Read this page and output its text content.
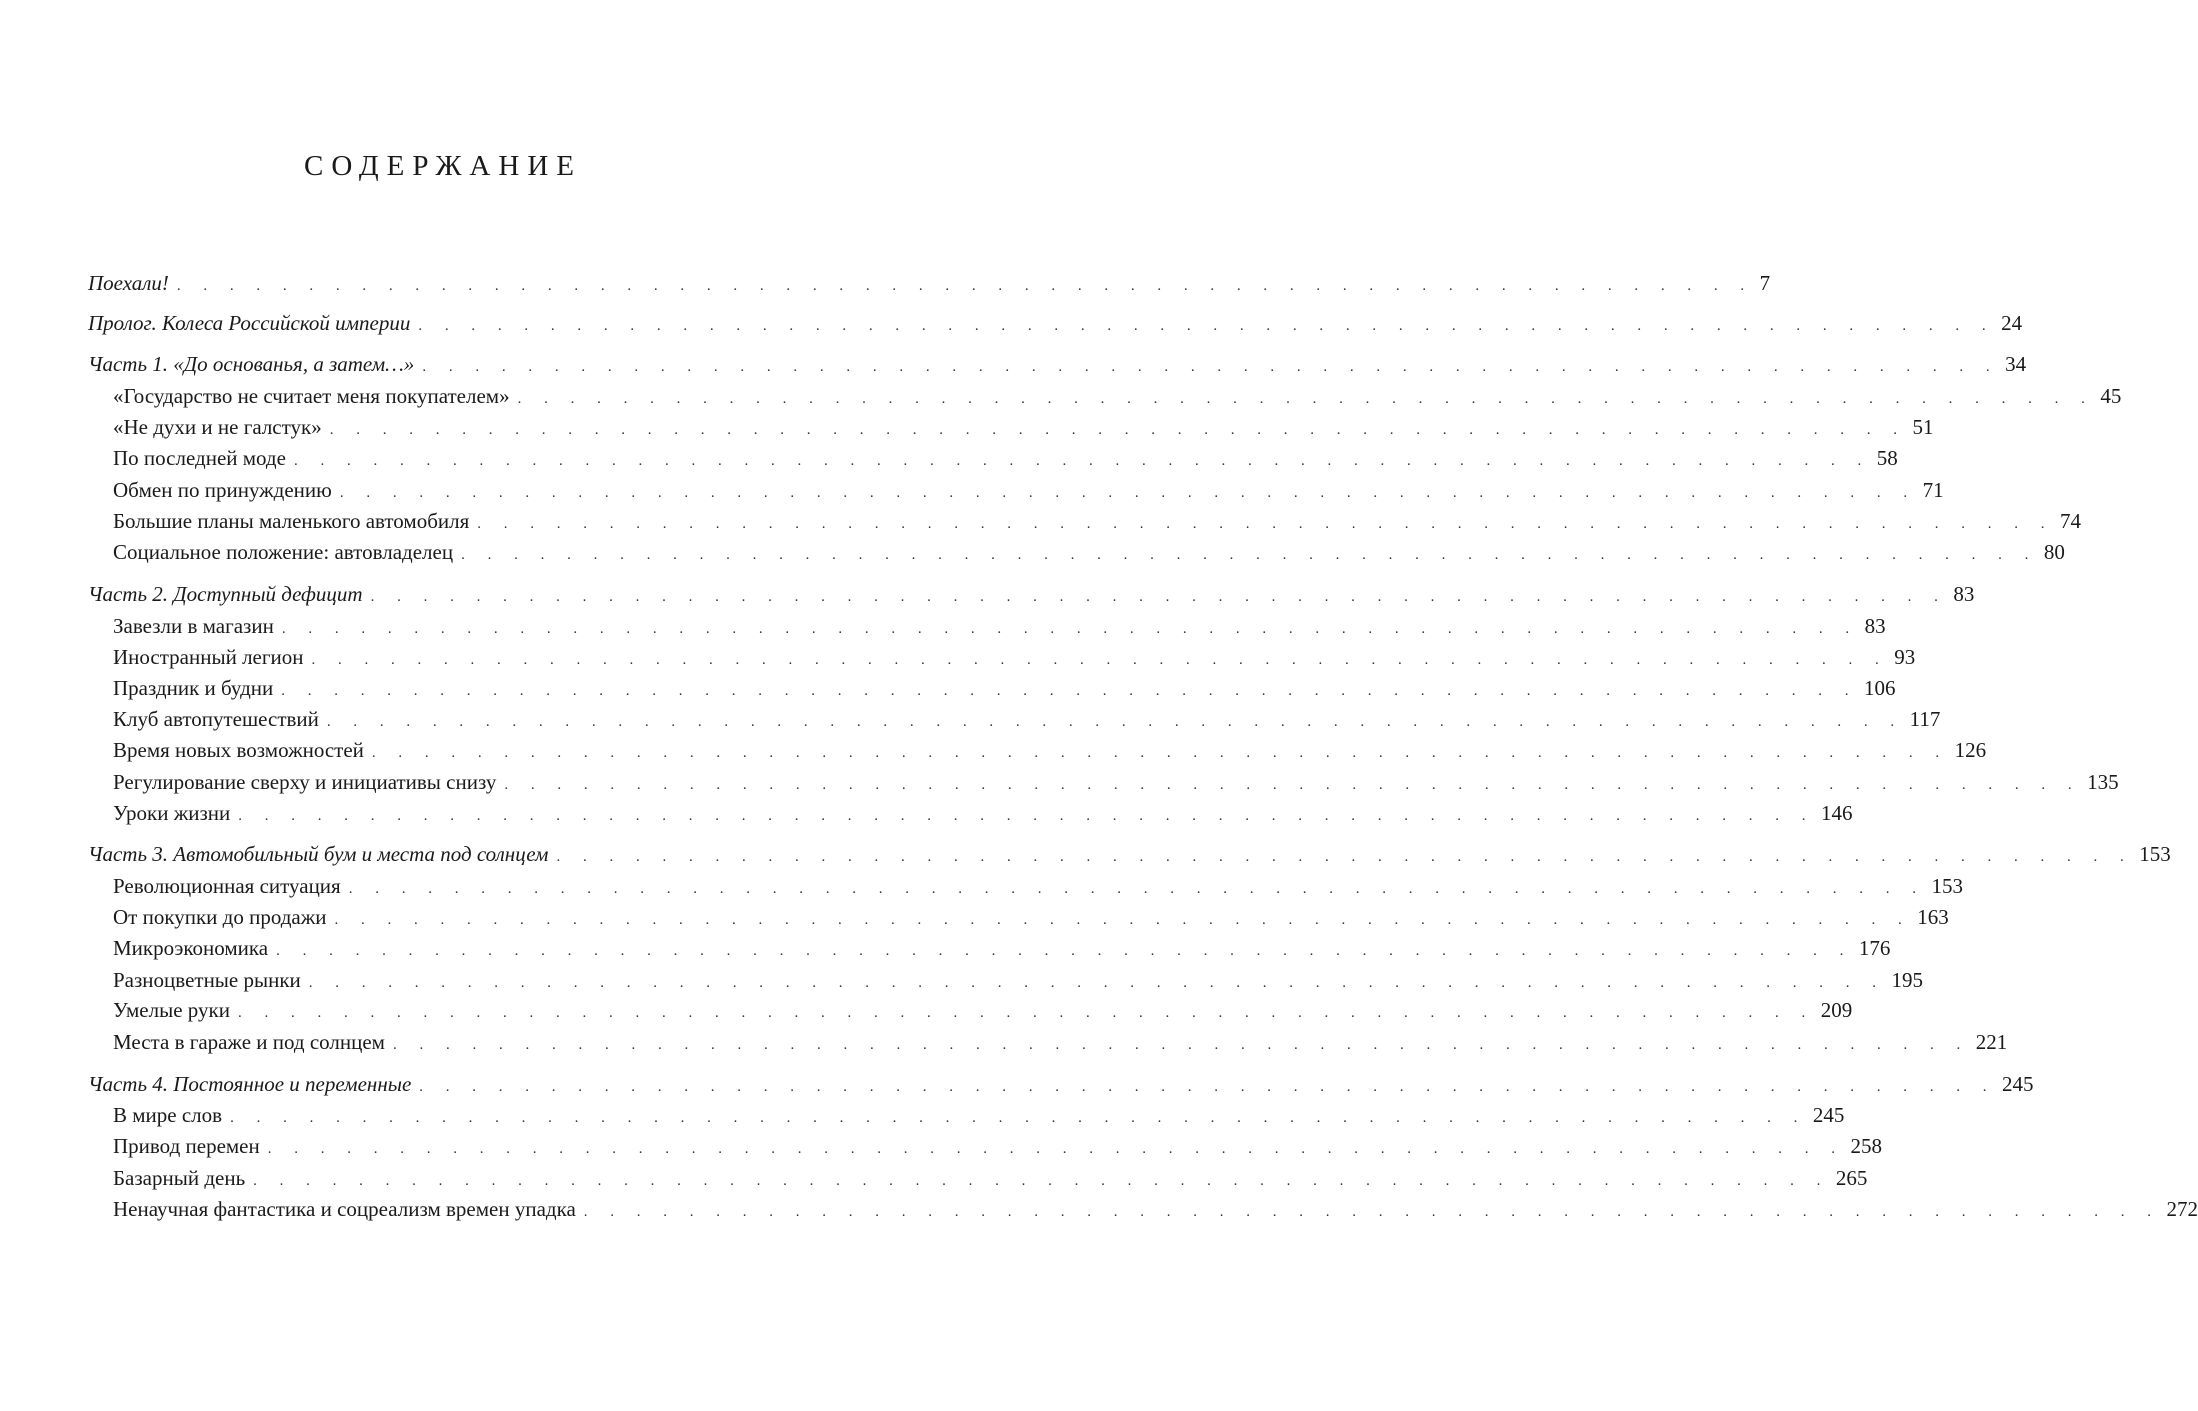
СОДЕРЖАНИЕ
Поехали! . . . . . . . . . . . . . . . . . . . . . . . . . . . . . . . . . . . . . . . . . . . . . . . . . . . . . . . . . . . . 7
Пролог. Колеса Российской империи . . . . . . . . . . . . . . . . . . . . . . . . . . . . . . . . . . . . . . . . . . . . . . . . . . . . . . . . . . . . 24
Часть 1. «До основанья, а затем…» . . . . . . . . . . . . . . . . . . . . . . . . . . . . . . . . . . . . . . . . . . . . . . . . . . . . . . . . . . . . 34
«Государство не считает меня покупателем» . . . . . . . . . . . . . . . . . . . . . . . . . . . . . . . . . . . . . . . . . . . . . . . . . . . . . . . . . . . . 45
«Не духи и не галстук» . . . . . . . . . . . . . . . . . . . . . . . . . . . . . . . . . . . . . . . . . . . . . . . . . . . . . . . . . . . . 51
По последней моде . . . . . . . . . . . . . . . . . . . . . . . . . . . . . . . . . . . . . . . . . . . . . . . . . . . . . . . . . . . . 58
Обмен по принуждению . . . . . . . . . . . . . . . . . . . . . . . . . . . . . . . . . . . . . . . . . . . . . . . . . . . . . . . . . . . . 71
Большие планы маленького автомобиля . . . . . . . . . . . . . . . . . . . . . . . . . . . . . . . . . . . . . . . . . . . . . . . . . . . . . . . . . . . . 74
Социальное положение: автовладелец . . . . . . . . . . . . . . . . . . . . . . . . . . . . . . . . . . . . . . . . . . . . . . . . . . . . . . . . . . . . 80
Часть 2. Доступный дефицит . . . . . . . . . . . . . . . . . . . . . . . . . . . . . . . . . . . . . . . . . . . . . . . . . . . . . . . . . . . . 83
Завезли в магазин . . . . . . . . . . . . . . . . . . . . . . . . . . . . . . . . . . . . . . . . . . . . . . . . . . . . . . . . . . . . 83
Иностранный легион . . . . . . . . . . . . . . . . . . . . . . . . . . . . . . . . . . . . . . . . . . . . . . . . . . . . . . . . . . . . 93
Праздник и будни . . . . . . . . . . . . . . . . . . . . . . . . . . . . . . . . . . . . . . . . . . . . . . . . . . . . . . . . . . . . 106
Клуб автопутешествий . . . . . . . . . . . . . . . . . . . . . . . . . . . . . . . . . . . . . . . . . . . . . . . . . . . . . . . . . . . . 117
Время новых возможностей . . . . . . . . . . . . . . . . . . . . . . . . . . . . . . . . . . . . . . . . . . . . . . . . . . . . . . . . . . . . 126
Регулирование сверху и инициативы снизу . . . . . . . . . . . . . . . . . . . . . . . . . . . . . . . . . . . . . . . . . . . . . . . . . . . . . . . . . . . . 135
Уроки жизни . . . . . . . . . . . . . . . . . . . . . . . . . . . . . . . . . . . . . . . . . . . . . . . . . . . . . . . . . . . . 146
Часть 3. Автомобильный бум и места под солнцем . . . . . . . . . . . . . . . . . . . . . . . . . . . . . . . . . . . . . . . . . . . . . . . . . . . . . . . . . . . . 153
Революционная ситуация . . . . . . . . . . . . . . . . . . . . . . . . . . . . . . . . . . . . . . . . . . . . . . . . . . . . . . . . . . . . 153
От покупки до продажи . . . . . . . . . . . . . . . . . . . . . . . . . . . . . . . . . . . . . . . . . . . . . . . . . . . . . . . . . . . . 163
Микроэкономика . . . . . . . . . . . . . . . . . . . . . . . . . . . . . . . . . . . . . . . . . . . . . . . . . . . . . . . . . . . . 176
Разноцветные рынки . . . . . . . . . . . . . . . . . . . . . . . . . . . . . . . . . . . . . . . . . . . . . . . . . . . . . . . . . . . . 195
Умелые руки . . . . . . . . . . . . . . . . . . . . . . . . . . . . . . . . . . . . . . . . . . . . . . . . . . . . . . . . . . . . 209
Места в гараже и под солнцем . . . . . . . . . . . . . . . . . . . . . . . . . . . . . . . . . . . . . . . . . . . . . . . . . . . . . . . . . . . . 221
Часть 4. Постоянное и переменные . . . . . . . . . . . . . . . . . . . . . . . . . . . . . . . . . . . . . . . . . . . . . . . . . . . . . . . . . . . . 245
В мире слов . . . . . . . . . . . . . . . . . . . . . . . . . . . . . . . . . . . . . . . . . . . . . . . . . . . . . . . . . . . . 245
Привод перемен . . . . . . . . . . . . . . . . . . . . . . . . . . . . . . . . . . . . . . . . . . . . . . . . . . . . . . . . . . . . 258
Базарный день . . . . . . . . . . . . . . . . . . . . . . . . . . . . . . . . . . . . . . . . . . . . . . . . . . . . . . . . . . . . 265
Ненаучная фантастика и соцреализм времен упадка . . . . . . . . . . . . . . . . . . . . . . . . . . . . . . . . . . . . . . . . . . . . . . . . . . . . . . . . . . . . 272
